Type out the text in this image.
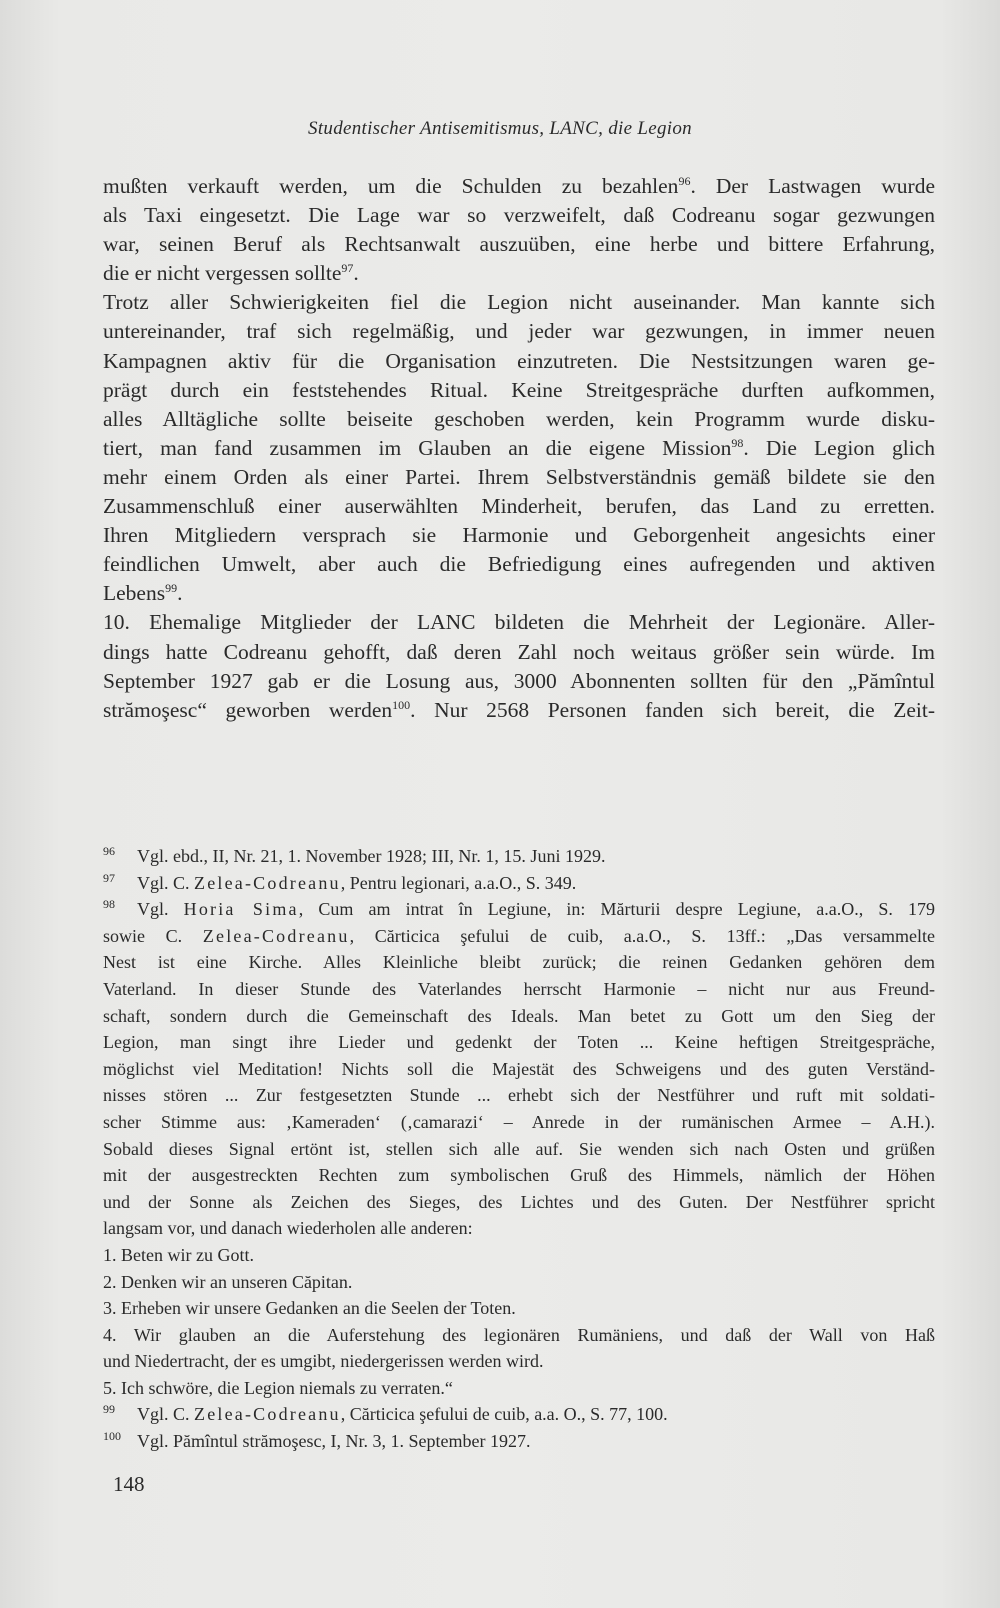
Studentischer Antisemitismus, LANC, die Legion
mußten verkauft werden, um die Schulden zu bezahlen$^{96}$. Der Lastwagen wurde
als Taxi eingesetzt. Die Lage war so verzweifelt, daß Codreanu sogar gezwungen
war, seinen Beruf als Rechtsanwalt auszuüben, eine herbe und bittere Erfahrung,
die er nicht vergessen sollte$^{97}$.
Trotz aller Schwierigkeiten fiel die Legion nicht auseinander. Man kannte sich
untereinander, traf sich regelmäßig, und jeder war gezwungen, in immer neuen
Kampagnen aktiv für die Organisation einzutreten. Die Nestsitzungen waren ge-
prägt durch ein feststehendes Ritual. Keine Streitgespräche durften aufkommen,
alles Alltägliche sollte beiseite geschoben werden, kein Programm wurde disku-
tiert, man fand zusammen im Glauben an die eigene Mission$^{98}$. Die Legion glich
mehr einem Orden als einer Partei. Ihrem Selbstverständnis gemäß bildete sie den
Zusammenschluß einer auserwählten Minderheit, berufen, das Land zu erretten.
Ihren Mitgliedern versprach sie Harmonie und Geborgenheit angesichts einer
feindlichen Umwelt, aber auch die Befriedigung eines aufregenden und aktiven
Lebens$^{99}$.
10. Ehemalige Mitglieder der LANC bildeten die Mehrheit der Legionäre. Aller-
dings hatte Codreanu gehofft, daß deren Zahl noch weitaus größer sein würde. Im
September 1927 gab er die Losung aus, 3000 Abonnenten sollten für den „Pămîntul
strămoşesc“ geworben werden$^{100}$. Nur 2568 Personen fanden sich bereit, die Zeit-
96 Vgl. ebd., II, Nr. 21, 1. November 1928; III, Nr. 1, 15. Juni 1929.
97 Vgl. C. Zelea-Codreanu, Pentru legionari, a.a.O., S. 349.
98 Vgl. Horia Sima, Cum am intrat în Legiune, in: Mărturii despre Legiune, a.a.O., S. 179
sowie C. Zelea-Codreanu, Cărticica şefului de cuib, a.a.O., S. 13ff.: „Das versammelte
Nest ist eine Kirche. Alles Kleinliche bleibt zurück; die reinen Gedanken gehören dem
Vaterland. In dieser Stunde des Vaterlandes herrscht Harmonie – nicht nur aus Freund-
schaft, sondern durch die Gemeinschaft des Ideals. Man betet zu Gott um den Sieg der
Legion, man singt ihre Lieder und gedenkt der Toten ... Keine heftigen Streitgespräche,
möglichst viel Meditation! Nichts soll die Majestät des Schweigens und des guten Verständ-
nisses stören ... Zur festgesetzten Stunde ... erhebt sich der Nestführer und ruft mit soldati-
scher Stimme aus: ‚Kameraden‘ (‚camarazi‘ – Anrede in der rumänischen Armee – A.H.).
Sobald dieses Signal ertönt ist, stellen sich alle auf. Sie wenden sich nach Osten und grüßen
mit der ausgestreckten Rechten zum symbolischen Gruß des Himmels, nämlich der Höhen
und der Sonne als Zeichen des Sieges, des Lichtes und des Guten. Der Nestführer spricht
langsam vor, und danach wiederholen alle anderen:
1. Beten wir zu Gott.
2. Denken wir an unseren Căpitan.
3. Erheben wir unsere Gedanken an die Seelen der Toten.
4. Wir glauben an die Auferstehung des legionären Rumäniens, und daß der Wall von Haß
und Niedertracht, der es umgibt, niedergerissen werden wird.
5. Ich schwöre, die Legion niemals zu verraten.“
99 Vgl. C. Zelea-Codreanu, Cărticica şefului de cuib, a.a. O., S. 77, 100.
100 Vgl. Pămîntul strămoşesc, I, Nr. 3, 1. September 1927.
148
